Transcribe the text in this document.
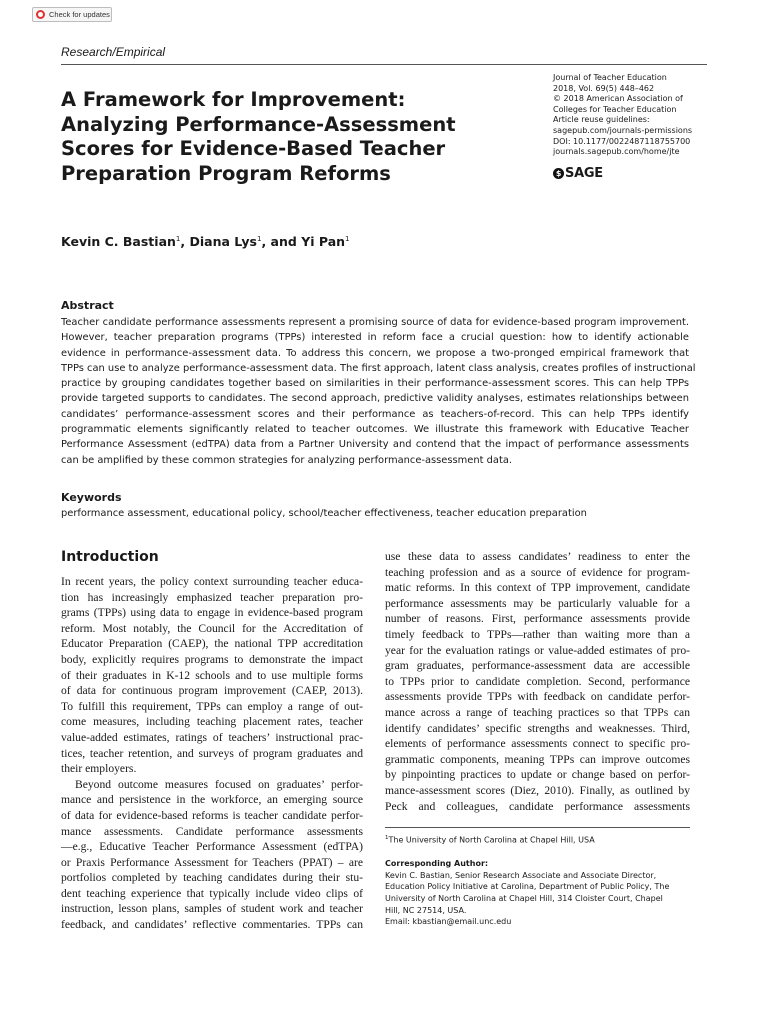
Check for updates
Research/Empirical
A Framework for Improvement:
Analyzing Performance-Assessment
Scores for Evidence-Based Teacher
Preparation Program Reforms
Journal of Teacher Education
2018, Vol. 69(5) 448–462
© 2018 American Association of
Colleges for Teacher Education
Article reuse guidelines:
sagepub.com/journals-permissions
DOI: 10.1177/0022487118755700
journals.sagepub.com/home/jte
$ SAGE
Kevin C. Bastian$^1$, Diana Lys$^1$, and Yi Pan$^1$
Abstract
Teacher candidate performance assessments represent a promising source of data for evidence-based program improvement.
However, teacher preparation programs (TPPs) interested in reform face a crucial question: how to identify actionable
evidence in performance-assessment data. To address this concern, we propose a two-pronged empirical framework that
TPPs can use to analyze performance-assessment data. The first approach, latent class analysis, creates profiles of instructional
practice by grouping candidates together based on similarities in their performance-assessment scores. This can help TPPs
provide targeted supports to candidates. The second approach, predictive validity analyses, estimates relationships between
candidates’ performance-assessment scores and their performance as teachers-of-record. This can help TPPs identify
programmatic elements significantly related to teacher outcomes. We illustrate this framework with Educative Teacher
Performance Assessment (edTPA) data from a Partner University and contend that the impact of performance assessments
can be amplified by these common strategies for analyzing performance-assessment data.
Keywords
performance assessment, educational policy, school/teacher effectiveness, teacher education preparation
Introduction
In recent years, the policy context surrounding teacher educa-
tion has increasingly emphasized teacher preparation pro-
grams (TPPs) using data to engage in evidence-based program
reform. Most notably, the Council for the Accreditation of
Educator Preparation (CAEP), the national TPP accreditation
body, explicitly requires programs to demonstrate the impact
of their graduates in K-12 schools and to use multiple forms
of data for continuous program improvement (CAEP, 2013).
To fulfill this requirement, TPPs can employ a range of out-
come measures, including teaching placement rates, teacher
value-added estimates, ratings of teachers’ instructional prac-
tices, teacher retention, and surveys of program graduates and
their employers.
Beyond outcome measures focused on graduates’ perfor-
mance and persistence in the workforce, an emerging source
of data for evidence-based reforms is teacher candidate perfor-
mance assessments. Candidate performance assessments
—e.g., Educative Teacher Performance Assessment (edTPA)
or Praxis Performance Assessment for Teachers (PPAT) – are
portfolios completed by teaching candidates during their stu-
dent teaching experience that typically include video clips of
instruction, lesson plans, samples of student work and teacher
feedback, and candidates’ reflective commentaries. TPPs can
use these data to assess candidates’ readiness to enter the
teaching profession and as a source of evidence for program-
matic reforms. In this context of TPP improvement, candidate
performance assessments may be particularly valuable for a
number of reasons. First, performance assessments provide
timely feedback to TPPs—rather than waiting more than a
year for the evaluation ratings or value-added estimates of pro-
gram graduates, performance-assessment data are accessible
to TPPs prior to candidate completion. Second, performance
assessments provide TPPs with feedback on candidate perfor-
mance across a range of teaching practices so that TPPs can
identify candidates’ specific strengths and weaknesses. Third,
elements of performance assessments connect to specific pro-
grammatic components, meaning TPPs can improve outcomes
by pinpointing practices to update or change based on perfor-
mance-assessment scores (Diez, 2010). Finally, as outlined by
Peck and colleagues, candidate performance assessments
$^1$The University of North Carolina at Chapel Hill, USA
Corresponding Author:
Kevin C. Bastian, Senior Research Associate and Associate Director,
Education Policy Initiative at Carolina, Department of Public Policy, The
University of North Carolina at Chapel Hill, 314 Cloister Court, Chapel
Hill, NC 27514, USA.
Email: kbastian@email.unc.edu
